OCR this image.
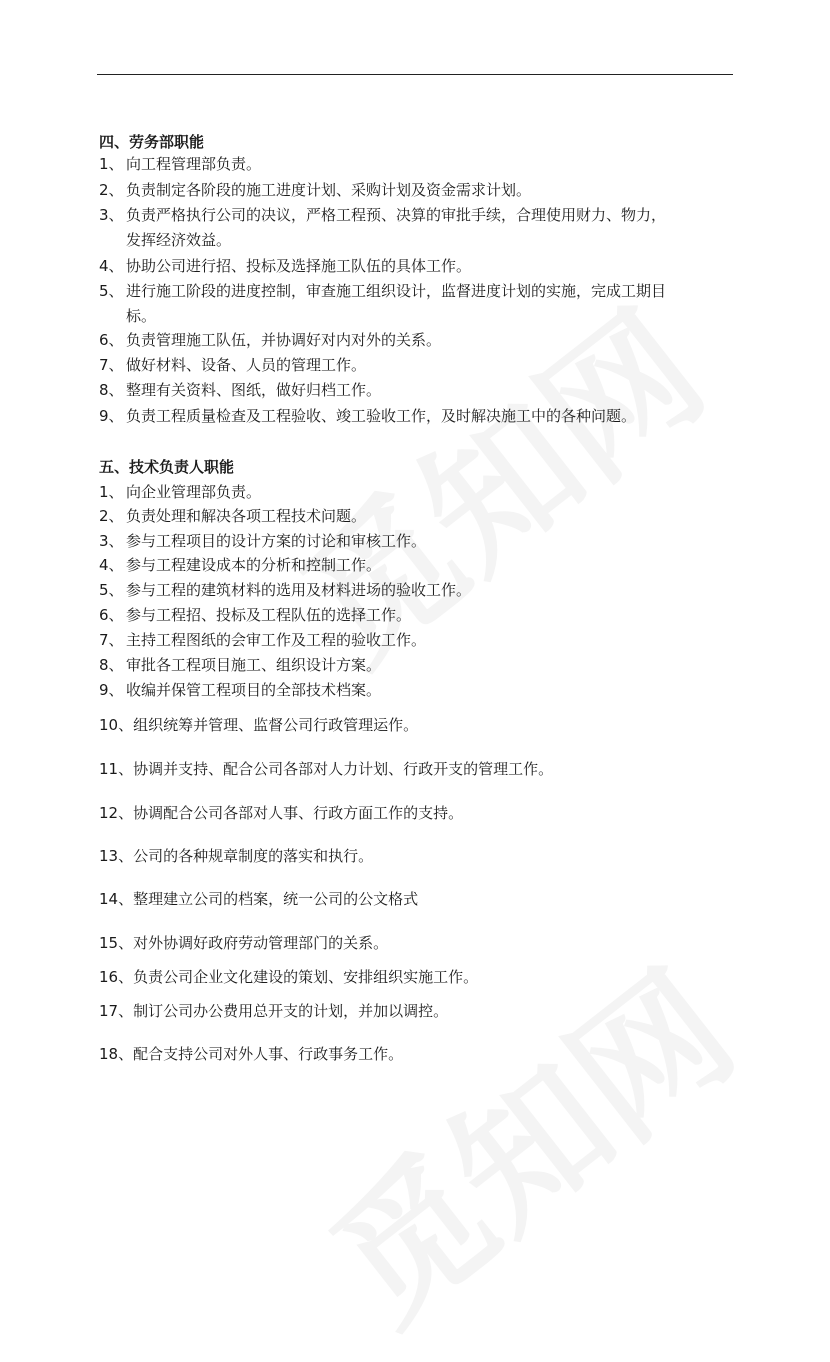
四、劳务部职能
1、 向工程管理部负责。
2、 负责制定各阶段的施工进度计划、采购计划及资金需求计划。
3、 负责严格执行公司的决议，严格工程预、决算的审批手续，合理使用财力、物力，
发挥经济效益。
4、 协助公司进行招、投标及选择施工队伍的具体工作。
5、 进行施工阶段的进度控制，审查施工组织设计，监督进度计划的实施，完成工期目
标。
6、 负责管理施工队伍，并协调好对内对外的关系。
7、 做好材料、设备、人员的管理工作。
8、 整理有关资料、图纸，做好归档工作。
9、 负责工程质量检查及工程验收、竣工验收工作，及时解决施工中的各种问题。
五、技术负责人职能
1、 向企业管理部负责。
2、 负责处理和解决各项工程技术问题。
3、 参与工程项目的设计方案的讨论和审核工作。
4、 参与工程建设成本的分析和控制工作。
5、 参与工程的建筑材料的选用及材料进场的验收工作。
6、 参与工程招、投标及工程队伍的选择工作。
7、 主持工程图纸的会审工作及工程的验收工作。
8、 审批各工程项目施工、组织设计方案。
9、 收编并保管工程项目的全部技术档案。
10、组织统筹并管理、监督公司行政管理运作。
11、协调并支持、配合公司各部对人力计划、行政开支的管理工作。
12、协调配合公司各部对人事、行政方面工作的支持。
13、公司的各种规章制度的落实和执行。
14、整理建立公司的档案，统一公司的公文格式
15、对外协调好政府劳动管理部门的关系。
16、负责公司企业文化建设的策划、安排组织实施工作。
17、制订公司办公费用总开支的计划，并加以调控。
18、配合支持公司对外人事、行政事务工作。
